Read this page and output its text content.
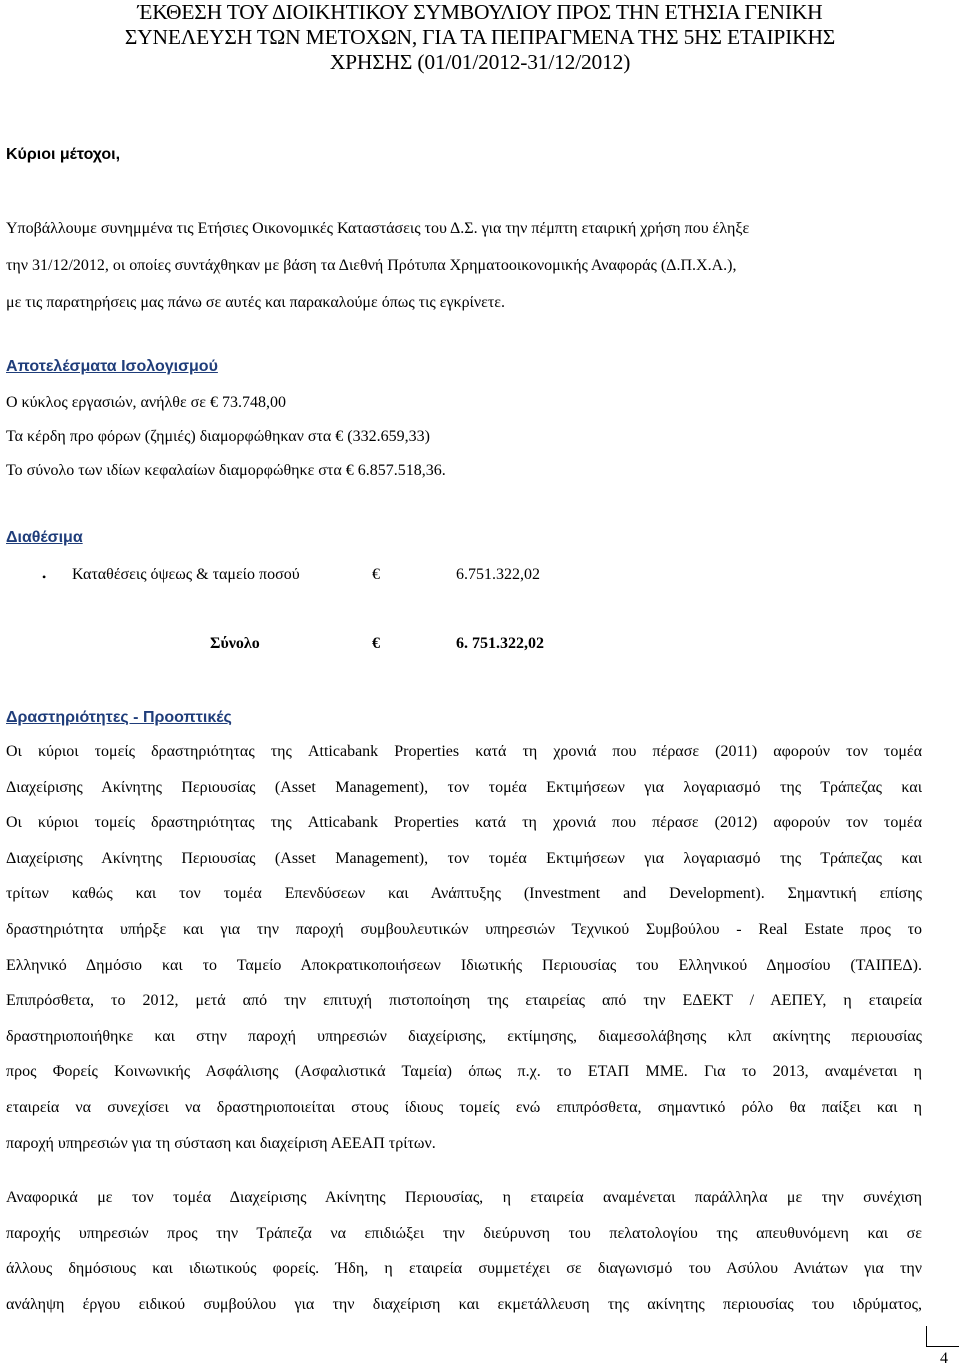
ΈΚΘΕΣΗ ΤΟΥ ΔΙΟΙΚΗΤΙΚΟΥ ΣΥΜΒΟΥΛΙΟΥ ΠΡΟΣ ΤΗΝ ΕΤΗΣΙΑ ΓΕΝΙΚΗ
ΣΥΝΕΛΕΥΣΗ ΤΩΝ ΜΕΤΟΧΩΝ, ΓΙΑ ΤΑ ΠΕΠΡΑΓΜΕΝΑ ΤΗΣ 5ΗΣ ΕΤΑΙΡΙΚΗΣ
ΧΡΗΣΗΣ (01/01/2012-31/12/2012)
Κύριοι μέτοχοι,
Υποβάλλουμε συνημμένα τις Ετήσιες Οικονομικές Καταστάσεις του Δ.Σ. για την πέμπτη εταιρική χρήση που έληξε
την 31/12/2012, οι οποίες συντάχθηκαν με βάση τα Διεθνή Πρότυπα Χρηματοοικονομικής Αναφοράς (Δ.Π.Χ.Α.),
με τις παρατηρήσεις μας πάνω σε αυτές και παρακαλούμε όπως τις εγκρίνετε.
Αποτελέσματα Ισολογισμού
Ο κύκλος εργασιών, ανήλθε σε € 73.748,00
Τα κέρδη προ φόρων (ζημιές) διαμορφώθηκαν στα € (332.659,33)
Το σύνολο των ιδίων κεφαλαίων διαμορφώθηκε στα € 6.857.518,36.
Διαθέσιμα
• Καταθέσεις όψεως & ταμείο ποσού	€	6.751.322,02
Σύνολο	€	6. 751.322,02
Δραστηριότητες - Προοπτικές
Οι κύριοι τομείς δραστηριότητας της Atticabank Properties κατά τη χρονιά που πέρασε (2011) αφορούν τον τομέα
Διαχείρισης Ακίνητης Περιουσίας (Asset Management), τον τομέα Εκτιμήσεων για λογαριασμό της Τράπεζας και
Οι κύριοι τομείς δραστηριότητας της Atticabank Properties κατά τη χρονιά που πέρασε (2012) αφορούν τον τομέα
Διαχείρισης Ακίνητης Περιουσίας (Asset Management), τον τομέα Εκτιμήσεων για λογαριασμό της Τράπεζας και
τρίτων καθώς και τον τομέα Επενδύσεων και Ανάπτυξης (Investment and Development). Σημαντική επίσης
δραστηριότητα υπήρξε και για την παροχή συμβουλευτικών υπηρεσιών Τεχνικού Συμβούλου - Real Estate προς το
Ελληνικό Δημόσιο και το Ταμείο Αποκρατικοποιήσεων Ιδιωτικής Περιουσίας του Ελληνικού Δημοσίου (ΤΑΙΠΕΔ).
Επιπρόσθετα, το 2012, μετά από την επιτυχή πιστοποίηση της εταιρείας από την ΕΔΕΚΤ / ΑΕΠΕΥ, η εταιρεία
δραστηριοποιήθηκε και στην παροχή υπηρεσιών διαχείρισης, εκτίμησης, διαμεσολάβησης κλπ ακίνητης περιουσίας
προς Φορείς Κοινωνικής Ασφάλισης (Ασφαλιστικά Ταμεία) όπως π.χ. το ΕΤΑΠ ΜΜΕ. Για το 2013, αναμένεται η
εταιρεία να συνεχίσει να δραστηριοποιείται στους ίδιους τομείς ενώ επιπρόσθετα, σημαντικό ρόλο θα παίξει και η
παροχή υπηρεσιών για τη σύσταση και διαχείριση ΑΕΕΑΠ τρίτων.
Αναφορικά με τον τομέα Διαχείρισης Ακίνητης Περιουσίας, η εταιρεία αναμένεται παράλληλα με την συνέχιση
παροχής υπηρεσιών προς την Τράπεζα να επιδιώξει την διεύρυνση του πελατολογίου της απευθυνόμενη και σε
άλλους δημόσιους και ιδιωτικούς φορείς. Ήδη, η εταιρεία συμμετέχει σε διαγωνισμό του Ασύλου Ανιάτων για την
ανάληψη έργου ειδικού συμβούλου για την διαχείριση και εκμετάλλευση της ακίνητης περιουσίας του ιδρύματος,
4
